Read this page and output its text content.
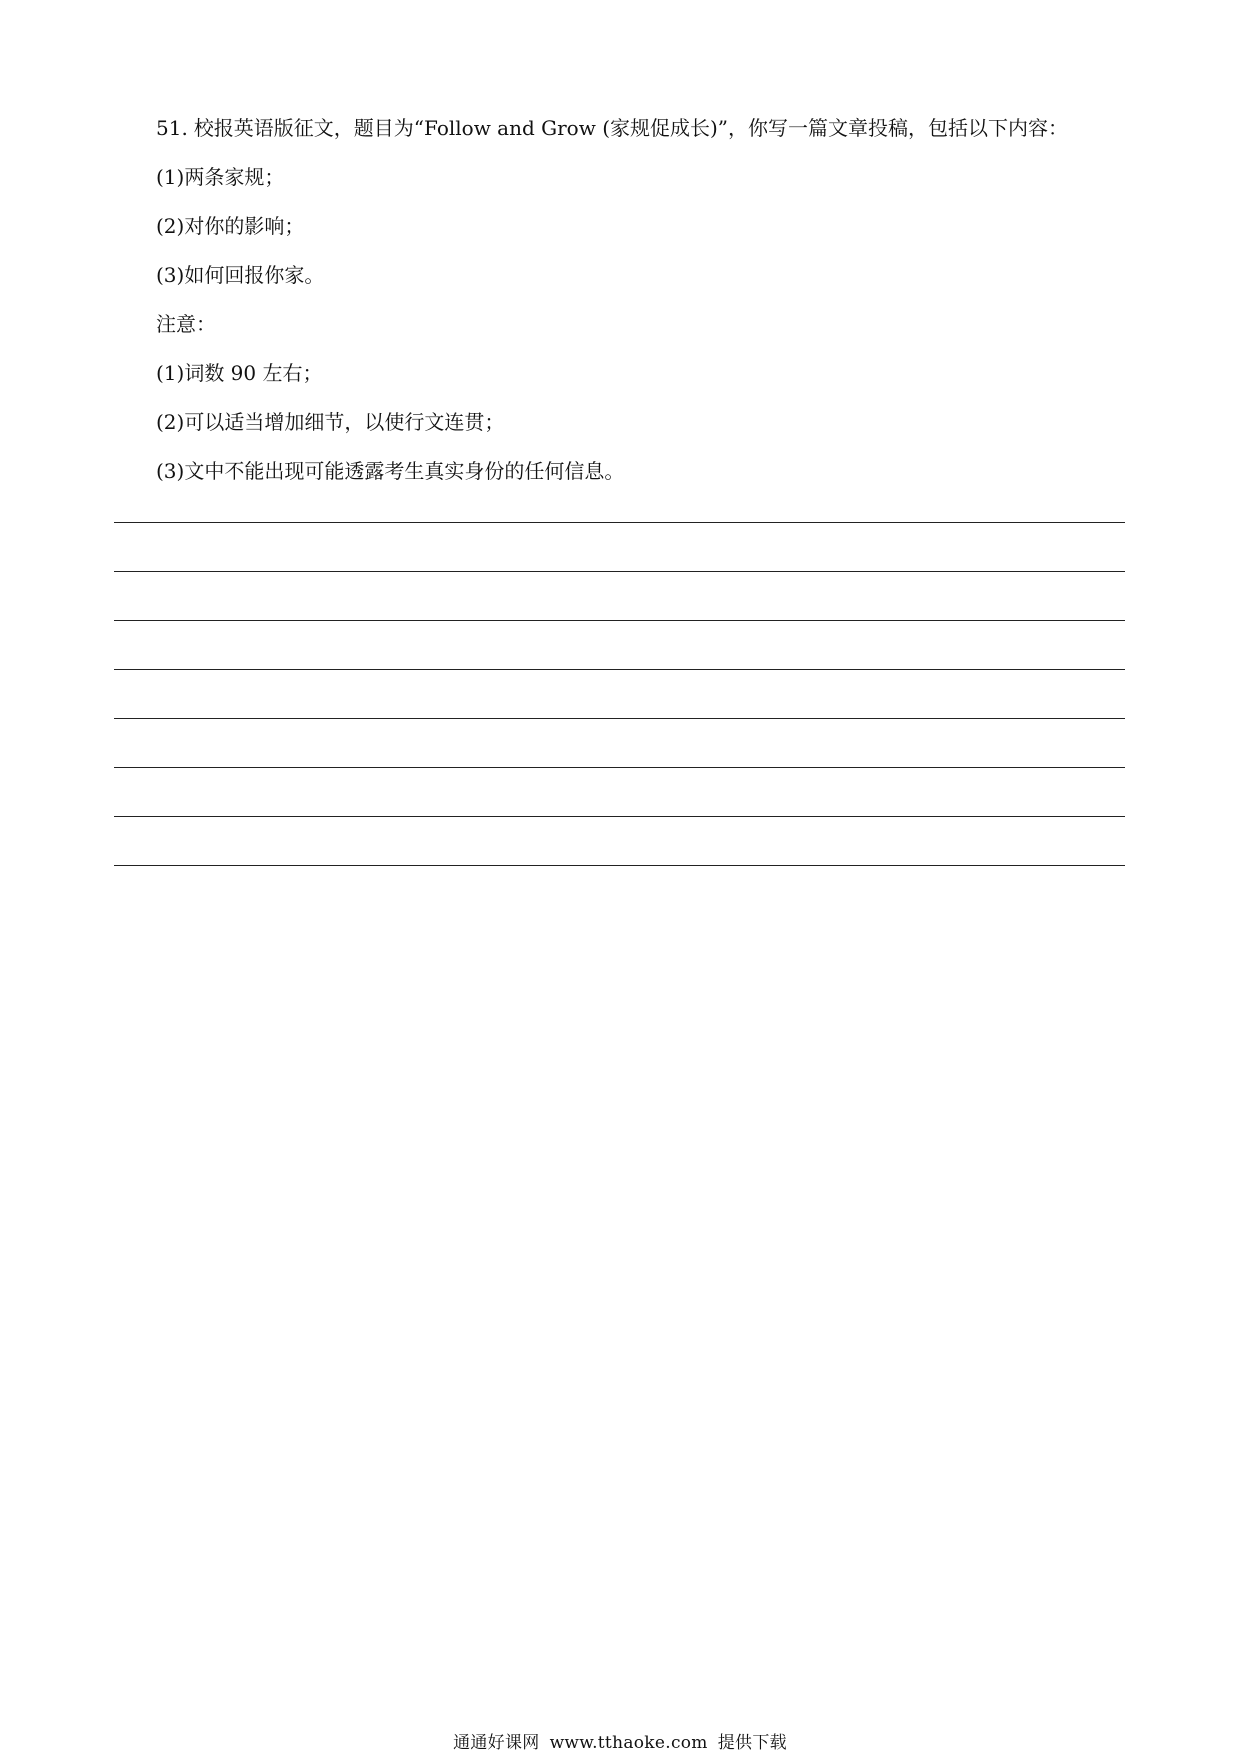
51. 校报英语版征文，题目为“Follow and Grow (家规促成长)”，你写一篇文章投稿，包括以下内容：
(1)两条家规；
(2)对你的影响；
(3)如何回报你家。
注意：
(1)词数 90 左右；
(2)可以适当增加细节，以使行文连贯；
(3)文中不能出现可能透露考生真实身份的任何信息。
通通好课网 www.tthaoke.com 提供下载
